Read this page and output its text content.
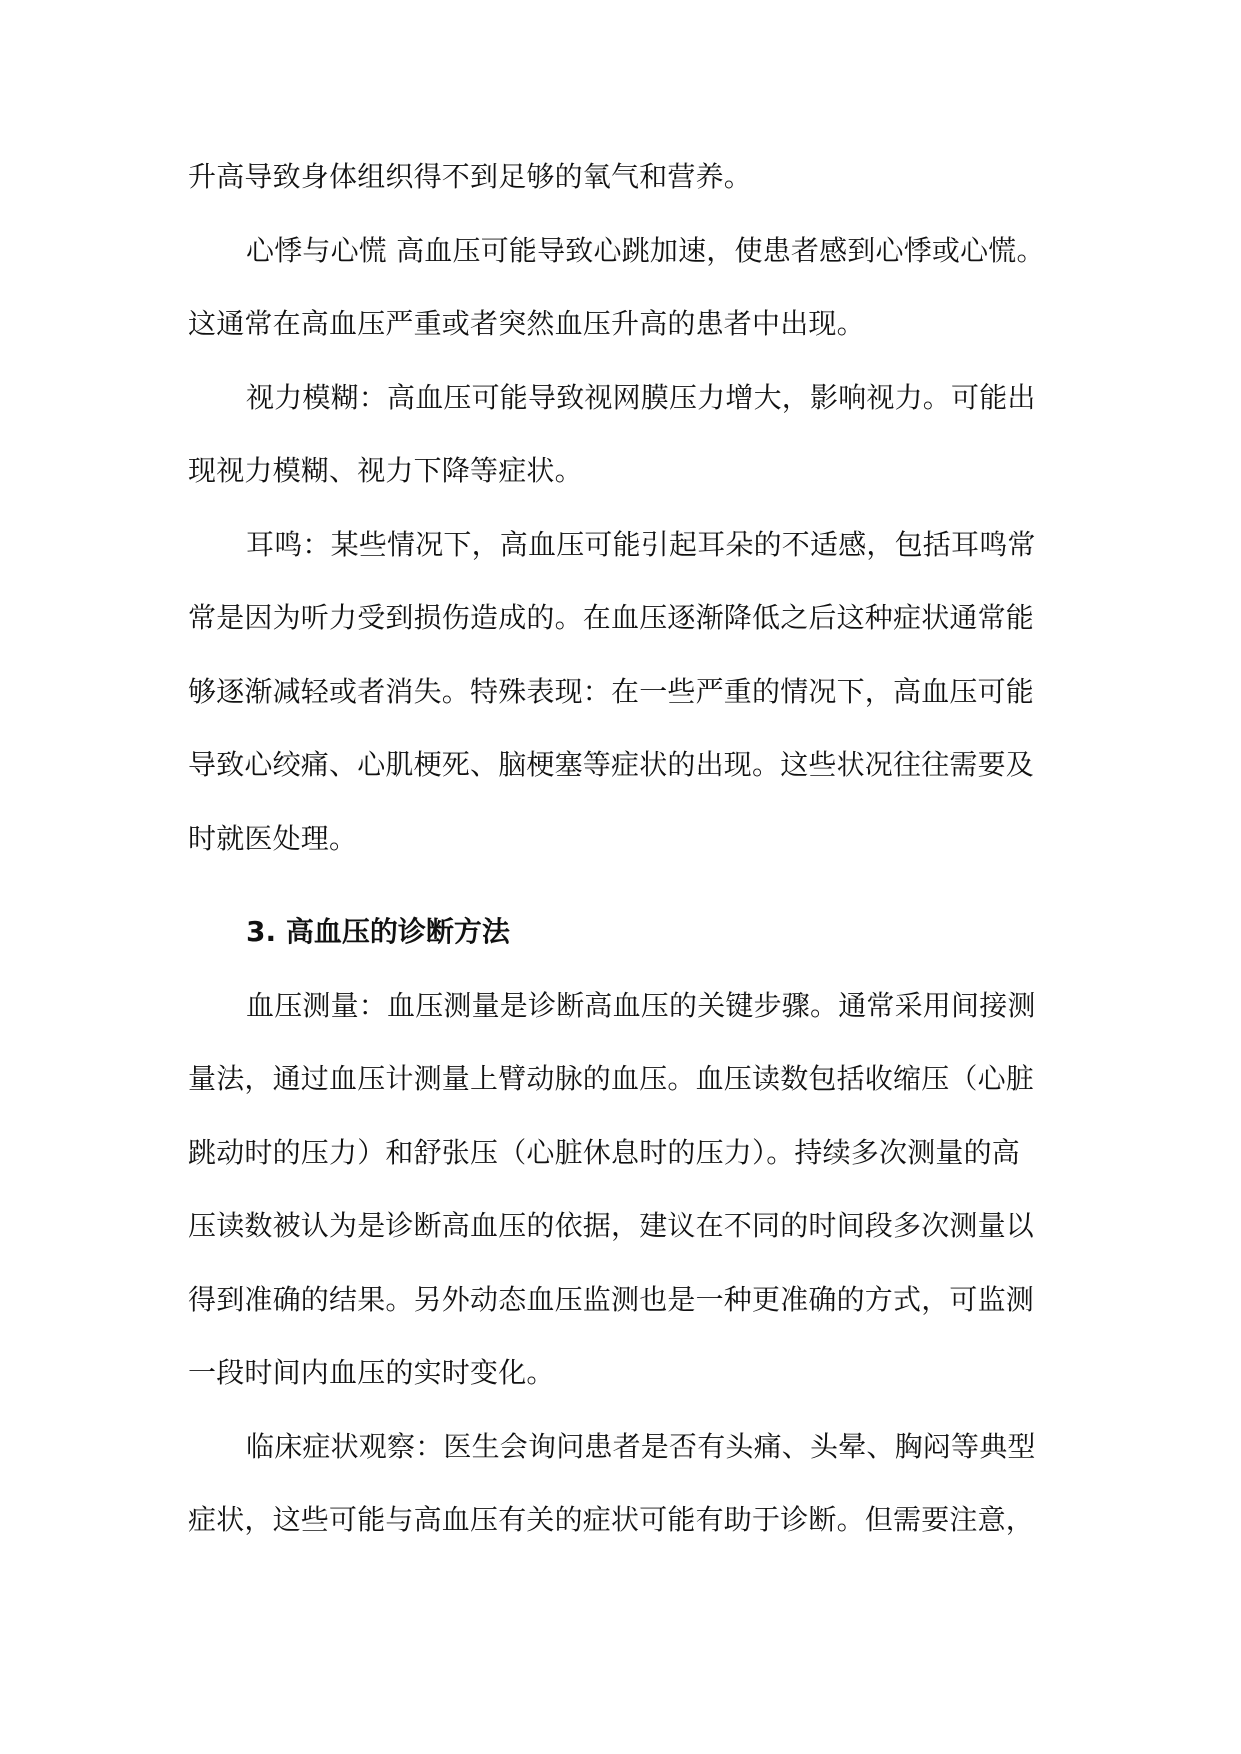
升高导致身体组织得不到足够的氧气和营养。
心悸与心慌 高血压可能导致心跳加速，使患者感到心悸或心慌。
这通常在高血压严重或者突然血压升高的患者中出现。
视力模糊：高血压可能导致视网膜压力增大，影响视力。可能出
现视力模糊、视力下降等症状。
耳鸣：某些情况下，高血压可能引起耳朵的不适感，包括耳鸣常
常是因为听力受到损伤造成的。在血压逐渐降低之后这种症状通常能
够逐渐减轻或者消失。特殊表现：在一些严重的情况下，高血压可能
导致心绞痛、心肌梗死、脑梗塞等症状的出现。这些状况往往需要及
时就医处理。
3. 高血压的诊断方法
血压测量：血压测量是诊断高血压的关键步骤。通常采用间接测
量法，通过血压计测量上臂动脉的血压。血压读数包括收缩压（心脏
跳动时的压力）和舒张压（心脏休息时的压力）。持续多次测量的高
压读数被认为是诊断高血压的依据，建议在不同的时间段多次测量以
得到准确的结果。另外动态血压监测也是一种更准确的方式，可监测
一段时间内血压的实时变化。
临床症状观察：医生会询问患者是否有头痛、头晕、胸闷等典型
症状，这些可能与高血压有关的症状可能有助于诊断。但需要注意，
